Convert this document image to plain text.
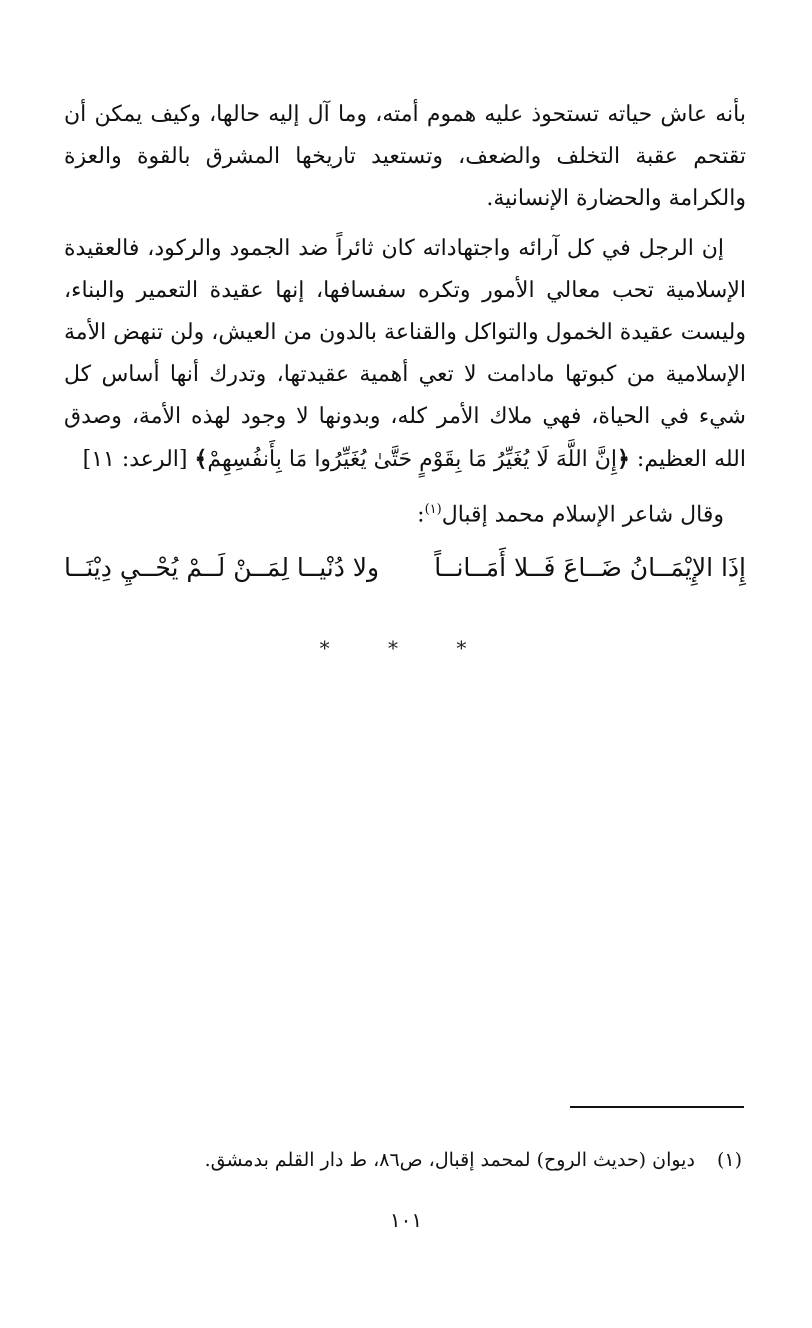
بأنه عاش حياته تستحوذ عليه هموم أمته، وما آل إليه حالها، وكيف يمكن أن تقتحم عقبة التخلف والضعف، وتستعيد تاريخها المشرق بالقوة والعزة والكرامة والحضارة الإنسانية.

إن الرجل في كل آرائه واجتهاداته كان ثائراً ضد الجمود والركود، فالعقيدة الإسلامية تحب معالي الأمور وتكره سفسافها، إنها عقيدة التعمير والبناء، وليست عقيدة الخمول والتواكل والقناعة بالدون من العيش، ولن تنهض الأمة الإسلامية من كبوتها مادامت لا تعي أهمية عقيدتها، وتدرك أنها أساس كل شيء في الحياة، فهي ملاك الأمر كله، وبدونها لا وجود لهذه الأمة، وصدق الله العظيم: ﴿إِنَّ اللَّهَ لَا يُغَيِّرُ مَا بِقَوْمٍ حَتَّىٰ يُغَيِّرُوا مَا بِأَنفُسِهِمْ﴾ [الرعد: ١١]

وقال شاعر الإسلام محمد إقبال$^{(١)}$:

إِذَا الإِيْمَــانُ ضَــاعَ فَــلا أَمَــانــاً
ولا دُنْيــا لِمَــنْ لَــمْ يُحْــيِ دِيْنَــا
* * *
(١)ديوان (حديث الروح) لمحمد إقبال، ص٨٦، ط دار القلم بدمشق.
١٠١
